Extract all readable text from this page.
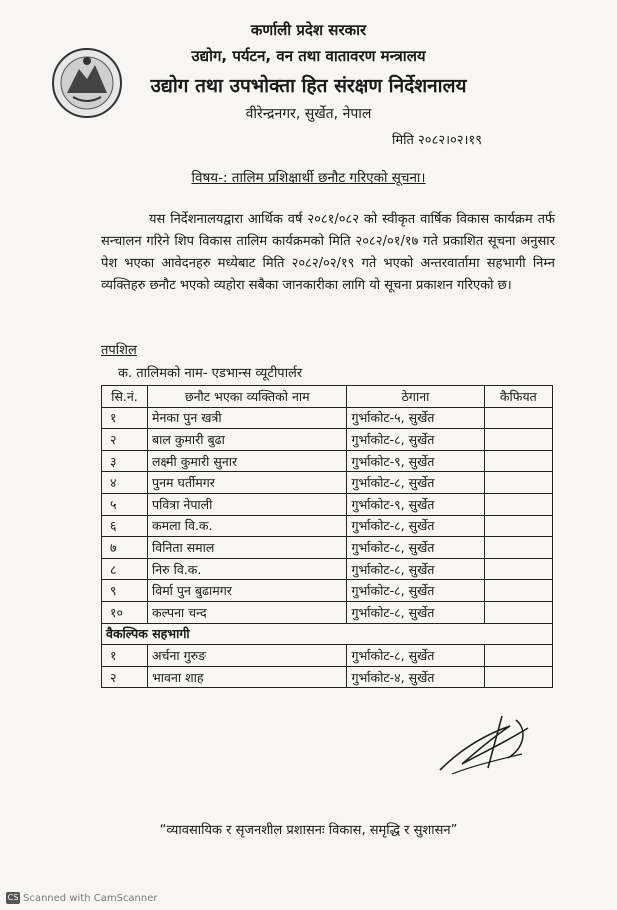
कर्णाली प्रदेश सरकार
उद्योग, पर्यटन, वन तथा वातावरण मन्त्रालय
उद्योग तथा उपभोक्ता हित संरक्षण निर्देशनालय
वीरेन्द्रनगर, सुर्खेत, नेपाल
मिति २०८२।०२।१९
विषय-: तालिम प्रशिक्षार्थी छनौट गरिएको सूचना।
यस निर्देशनालयद्वारा आर्थिक वर्ष २०८१/०८२ को स्वीकृत वार्षिक विकास कार्यक्रम तर्फ सन्चालन गरिने शिप विकास तालिम कार्यक्रमको मिति २०८२/०१/१७ गते प्रकाशित सूचना अनुसार पेश भएका आवेदनहरु मध्येबाट मिति २०८२/०२/१९ गते भएको अन्तरवार्तामा सहभागी निम्न व्यक्तिहरु छनौट भएको व्यहोरा सबैका जानकारीका लागि यो सूचना प्रकाशन गरिएको छ।
तपशिल
क. तालिमको नाम- एडभान्स व्यूटीपार्लर
सि.नं.	छनौट भएका व्यक्तिको नाम	ठेगाना	कैफियत
१	मेनका पुन खत्री	गुर्भाकोट-५, सुर्खेत	
२	बाल कुमारी बुढा	गुर्भाकोट-८, सुर्खेत	
३	लक्ष्मी कुमारी सुनार	गुर्भाकोट-९, सुर्खेत	
४	पुनम घर्तीमगर	गुर्भाकोट-८, सुर्खेत	
५	पवित्रा नेपाली	गुर्भाकोट-९, सुर्खेत	
६	कमला वि.क.	गुर्भाकोट-८, सुर्खेत	
७	विनिता समाल	गुर्भाकोट-८, सुर्खेत	
८	निरु वि.क.	गुर्भाकोट-८, सुर्खेत	
९	विर्मा पुन बुढामगर	गुर्भाकोट-८, सुर्खेत	
१०	कल्पना चन्द	गुर्भाकोट-८, सुर्खेत	
वैकल्पिक सहभागी			
१	अर्चना गुरुङ	गुर्भाकोट-८, सुर्खेत	
२	भावना शाह	गुर्भाकोट-४, सुर्खेत	
“व्यावसायिक र सृजनशील प्रशासनः विकास, समृद्धि र सुशासन”
CS Scanned with CamScanner
